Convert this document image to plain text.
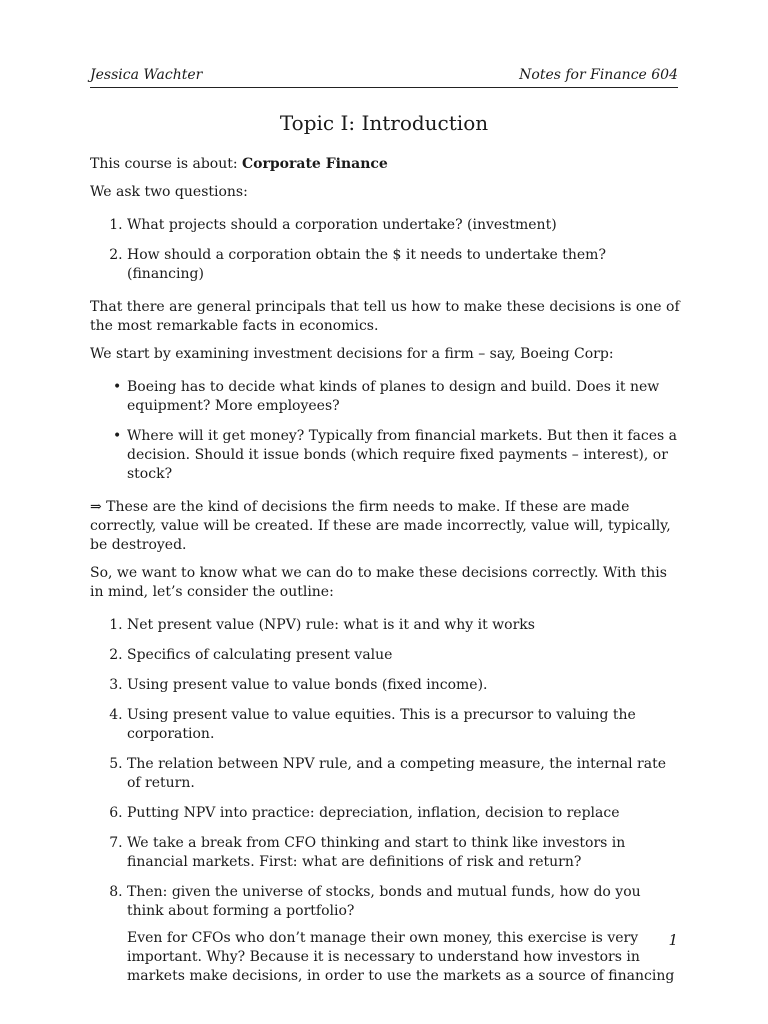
Jessica Wachter	Notes for Finance 604
Topic I: Introduction

This course is about: Corporate Finance

We ask two questions:

1. What projects should a corporation undertake? (investment)
2. How should a corporation obtain the $ it needs to undertake them? (financing)

That there are general principals that tell us how to make these decisions is one of the most remarkable facts in economics.

We start by examining investment decisions for a firm – say, Boeing Corp:

• Boeing has to decide what kinds of planes to design and build. Does it new equipment? More employees?
• Where will it get money? Typically from financial markets. But then it faces a decision. Should it issue bonds (which require fixed payments – interest), or stock?

⇒ These are the kind of decisions the firm needs to make. If these are made correctly, value will be created. If these are made incorrectly, value will, typically, be destroyed.

So, we want to know what we can do to make these decisions correctly. With this in mind, let’s consider the outline:

1. Net present value (NPV) rule: what is it and why it works
2. Specifics of calculating present value
3. Using present value to value bonds (fixed income).
4. Using present value to value equities. This is a precursor to valuing the corporation.
5. The relation between NPV rule, and a competing measure, the internal rate of return.
6. Putting NPV into practice: depreciation, inflation, decision to replace
7. We take a break from CFO thinking and start to think like investors in financial markets. First: what are definitions of risk and return?
8. Then: given the universe of stocks, bonds and mutual funds, how do you think about forming a portfolio?
Even for CFOs who don’t manage their own money, this exercise is very important. Why? Because it is necessary to understand how investors in markets make decisions, in order to use the markets as a source of financing
1
